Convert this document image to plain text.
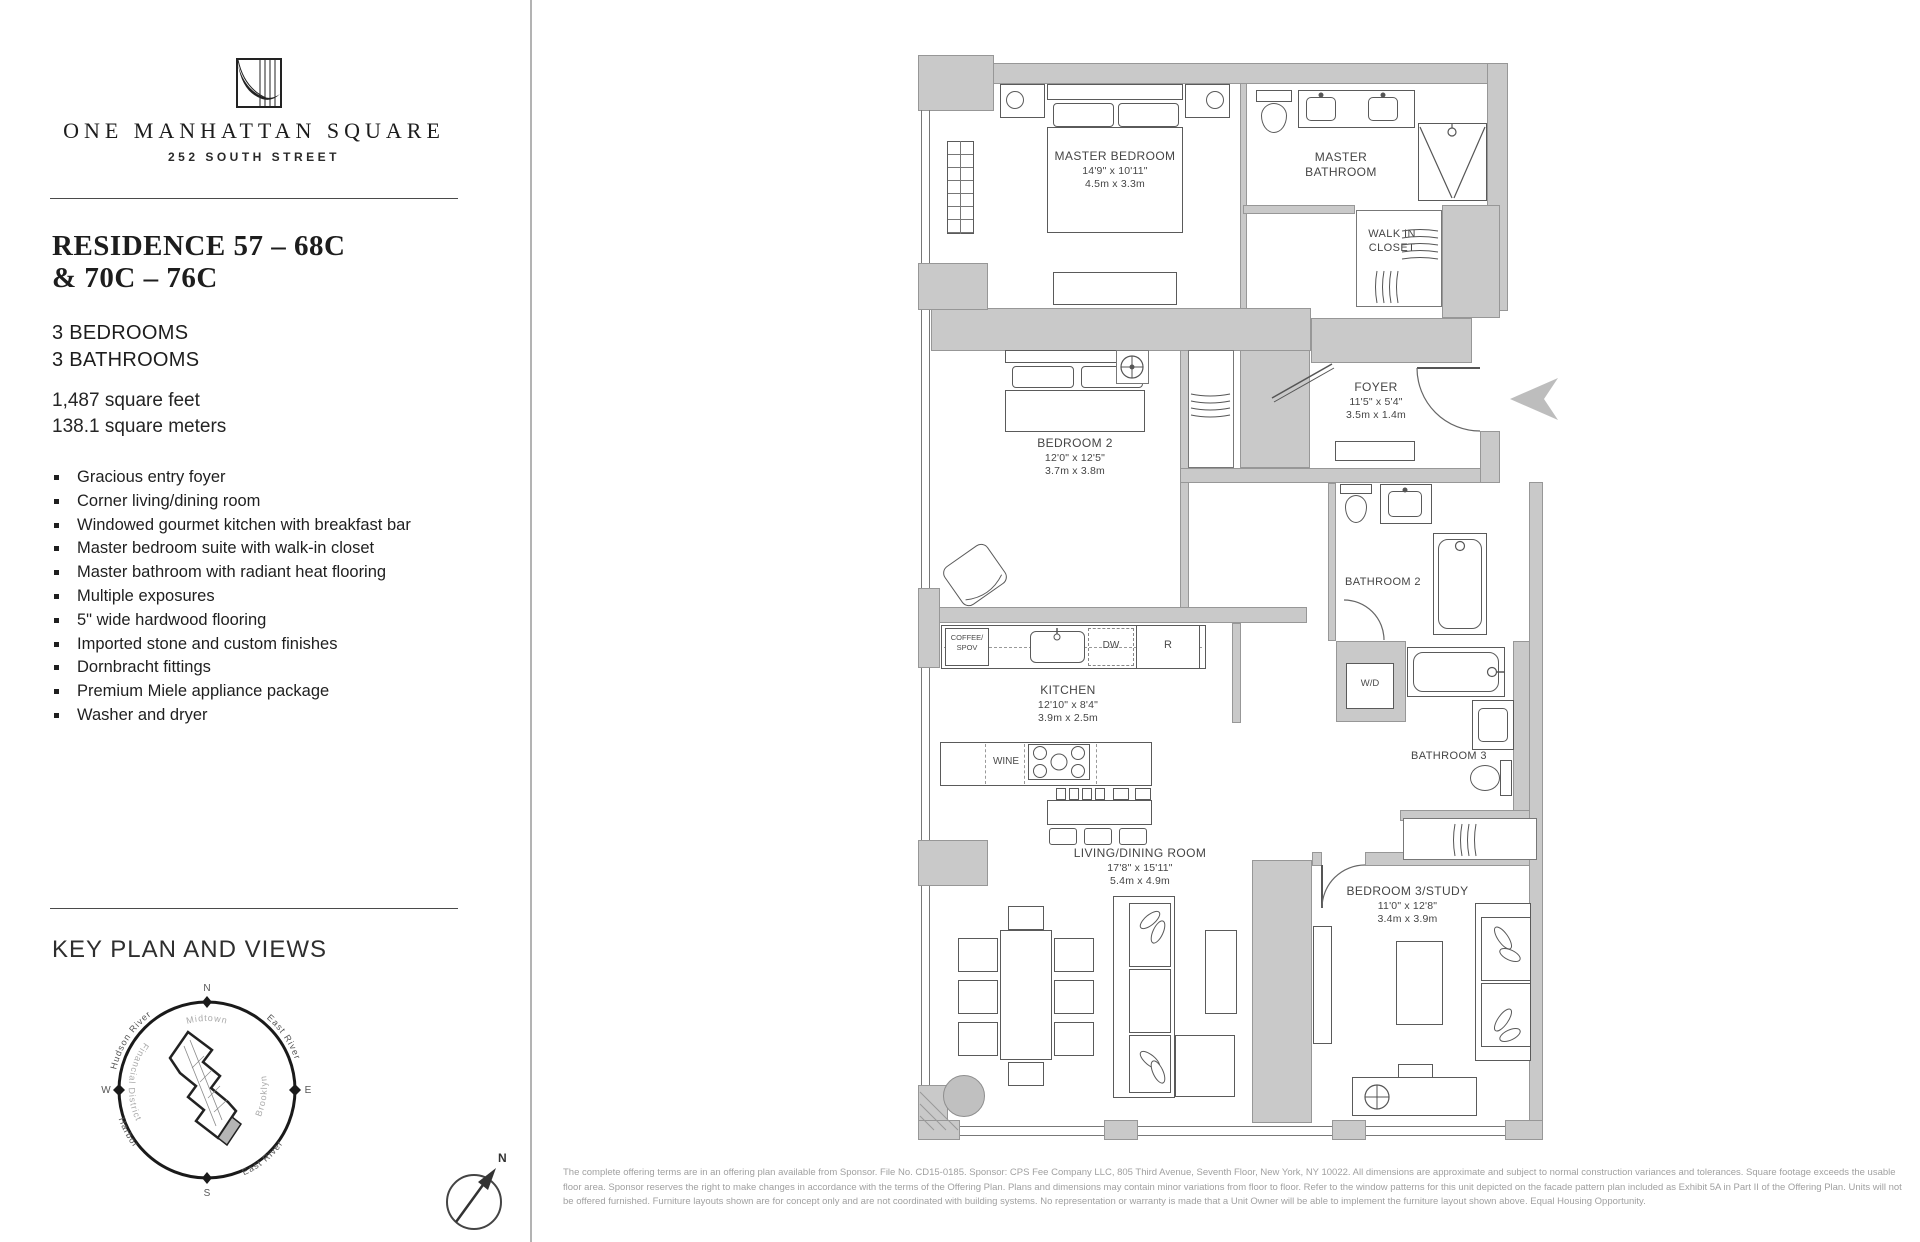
ONE MANHATTAN SQUARE
252 SOUTH STREET
RESIDENCE 57 – 68C
& 70C – 76C
3 BEDROOMS
3 BATHROOMS
1,487 square feet
138.1 square meters
Gracious entry foyer
Corner living/dining room
Windowed gourmet kitchen with breakfast bar
Master bedroom suite with walk-in closet
Master bathroom with radiant heat flooring
Multiple exposures
5" wide hardwood flooring
Imported stone and custom finishes
Dornbracht fittings
Premium Miele appliance package
Washer and dryer
KEY PLAN AND VIEWS
N
E
S
W
Hudson River	East River
Harbor
East River
Midtown
Brooklyn
Financial District
MASTER BEDROOM
14'9" x 10'11"
4.5m x 3.3m
MASTER BATHROOM
WALK IN CLOSET
FOYER
11'5" x 5'4"
3.5m x 1.4m
BEDROOM 2
12'0" x 12'5"
3.7m x 3.8m
COFFEE/
SPOV	DW	R
KITCHEN
12'10" x 8'4"
3.9m x 2.5m
WINE
BATHROOM 2
W/D
BATHROOM 3
LIVING/DINING ROOM
17'8" x 15'11"
5.4m x 4.9m
BEDROOM 3/STUDY
11'0" x 12'8"
3.4m x 3.9m
N
The complete offering terms are in an offering plan available from Sponsor. File No. CD15-0185. Sponsor: CPS Fee Company LLC, 805 Third Avenue, Seventh Floor, New York, NY 10022. All dimensions are approximate and subject to normal construction variances and tolerances. Square footage exceeds the usable floor area. Sponsor reserves the right to make changes in accordance with the terms of the Offering Plan. Plans and dimensions may contain minor variations from floor to floor. Refer to the window patterns for this unit depicted on the facade pattern plan included as Exhibit 5A in Part II of the Offering Plan. Units will not be offered furnished. Furniture layouts shown are for concept only and are not coordinated with building systems. No representation or warranty is made that a Unit Owner will be able to implement the furniture layout shown above. Equal Housing Opportunity.
